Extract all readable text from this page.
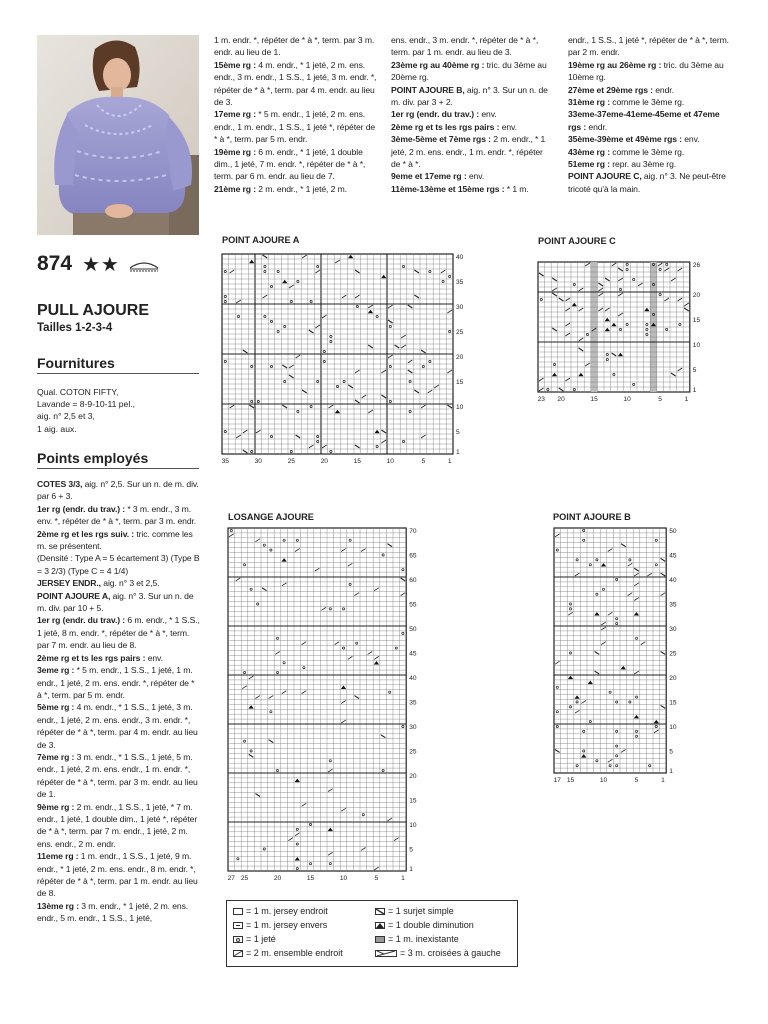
874 ★★
PULL AJOURE
Tailles 1-2-3-4
Fournitures
Qual. COTON FIFTY,
Lavande = 8-9-10-11 pel.,
aig. n° 2,5 et 3,
1 aig. aux.
Points employés

COTES 3/3, aig. n° 2,5. Sur un n. de m. div. par 6 + 3.

1er rg (endr. du trav.) : * 3 m. endr., 3 m. env. *, répéter de * à *, term. par 3 m. endr.

2ème rg et les rgs suiv. : tric. comme les m. se présentent.

(Densité : Type A = 5 écartement 3) (Type B = 3 2/3) (Type C = 4 1/4)

JERSEY ENDR., aig. n° 3 et 2,5.

POINT AJOURE A, aig. n° 3. Sur un n. de m. div. par 10 + 5.

1er rg (endr. du trav.) : 6 m. endr., * 1 S.S., 1 jeté, 8 m. endr. *, répéter de * à *, term. par 7 m. endr. au lieu de 8.

2ème rg et ts les rgs pairs : env.

3eme rg : * 5 m. endr., 1 S.S., 1 jeté, 1 m. endr., 1 jeté, 2 m. ens. endr. *, répéter de * à *, term. par 5 m. endr.

5ème rg : 4 m. endr., * 1 S.S., 1 jeté, 3 m. endr., 1 jeté, 2 m. ens. endr., 3 m. endr. *, répéter de * à *, term. par 4 m. endr. au lieu de 3.

7ème rg : 3 m. endr., * 1 S.S., 1 jeté, 5 m. endr., 1 jeté, 2 m. ens. endr., 1 m. endr. *, répéter de * à *, term. par 3 m. endr. au lieu de 1.

9ème rg : 2 m. endr., 1 S.S., 1 jeté, * 7 m. endr., 1 jeté, 1 double dim., 1 jeté *, répéter de * à *, term. par 7 m. endr., 1 jeté, 2 m. ens. endr., 2 m. endr.

11eme rg : 1 m. endr., 1 S.S., 1 jeté, 9 m. endr., * 1 jeté, 2 m. ens. endr., 8 m. endr. *, répéter de * à *, term. par 1 m. endr. au lieu de 8.

13ème rg : 3 m. endr., * 1 jeté, 2 m. ens. endr., 5 m. endr., 1 S.S., 1 jeté,

1 m. endr. *, répéter de * à *, term. par 3 m. endr. au lieu de 1.

15ème rg : 4 m. endr., * 1 jeté, 2 m. ens. endr., 3 m. endr., 1 S.S., 1 jeté, 3 m. endr. *, répéter de * à *, term. par 4 m. endr. au lieu de 3.

17eme rg : * 5 m. endr., 1 jeté, 2 m. ens. endr., 1 m. endr., 1 S.S., 1 jeté *, répéter de * à *, term. par 5 m. endr.

19ème rg : 6 m. endr., * 1 jeté, 1 double dim., 1 jeté, 7 m. endr. *, répéter de * à *, term. par 6 m. endr. au lieu de 7.

21ème rg : 2 m. endr., * 1 jeté, 2 m.

ens. endr., 3 m. endr. *, répéter de * à *, term. par 1 m. endr. au lieu de 3.

23ème rg au 40ème rg : tric. du 3ème au 20ème rg.

POINT AJOURE B, aig. n° 3. Sur un n. de m. div. par 3 + 2.

1er rg (endr. du trav.) : env.

2ème rg et ts les rgs pairs : env.

3ème-5ème et 7ème rgs : 2 m. endr., * 1 jeté, 2 m. ens. endr., 1 m. endr. *, répéter de * à *.

9eme et 17eme rg : env.

11ème-13ème et 15ème rgs : * 1 m.

endr., 1 S.S., 1 jeté *, répéter de * à *, term. par 2 m. endr.

19ème rg au 26ème rg : tric. du 3ème au 10ème rg.

27ème et 29ème rgs : endr.

31ème rg : comme le 3ème rg.

33eme-37eme-41eme-45eme et 47eme rgs : endr.

35ème-39ème et 49ème rgs : env.

43ème rg : comme le 3ème rg.

51eme rg : repr. au 3ème rg.

POINT AJOURE C, aig. n° 3. Ne peut-être tricoté qu'à la main.

POINT AJOURE A	POINT AJOURE C
LOSANGE AJOURE	POINT AJOURE B
40
35
30
25
20
15
10
5
1
35	30	25	20	15	10	5	1
26
20
15
10
5
1
23 20	15	10	5	1
70
65
60
55
50
45
40
35
30
25
20
15
10
5
1
27 25	20	15	10	5	1
50
45
40
35
30
25
20
15
10
5
1
17 15	10	5	1
= 1 m. jersey endroit
= 1 m. jersey envers
= 1 jeté
= 2 m. ensemble endroit
= 1 surjet simple
= 1 double diminution
= 1 m. inexistante
= 3 m. croisées à gauche
